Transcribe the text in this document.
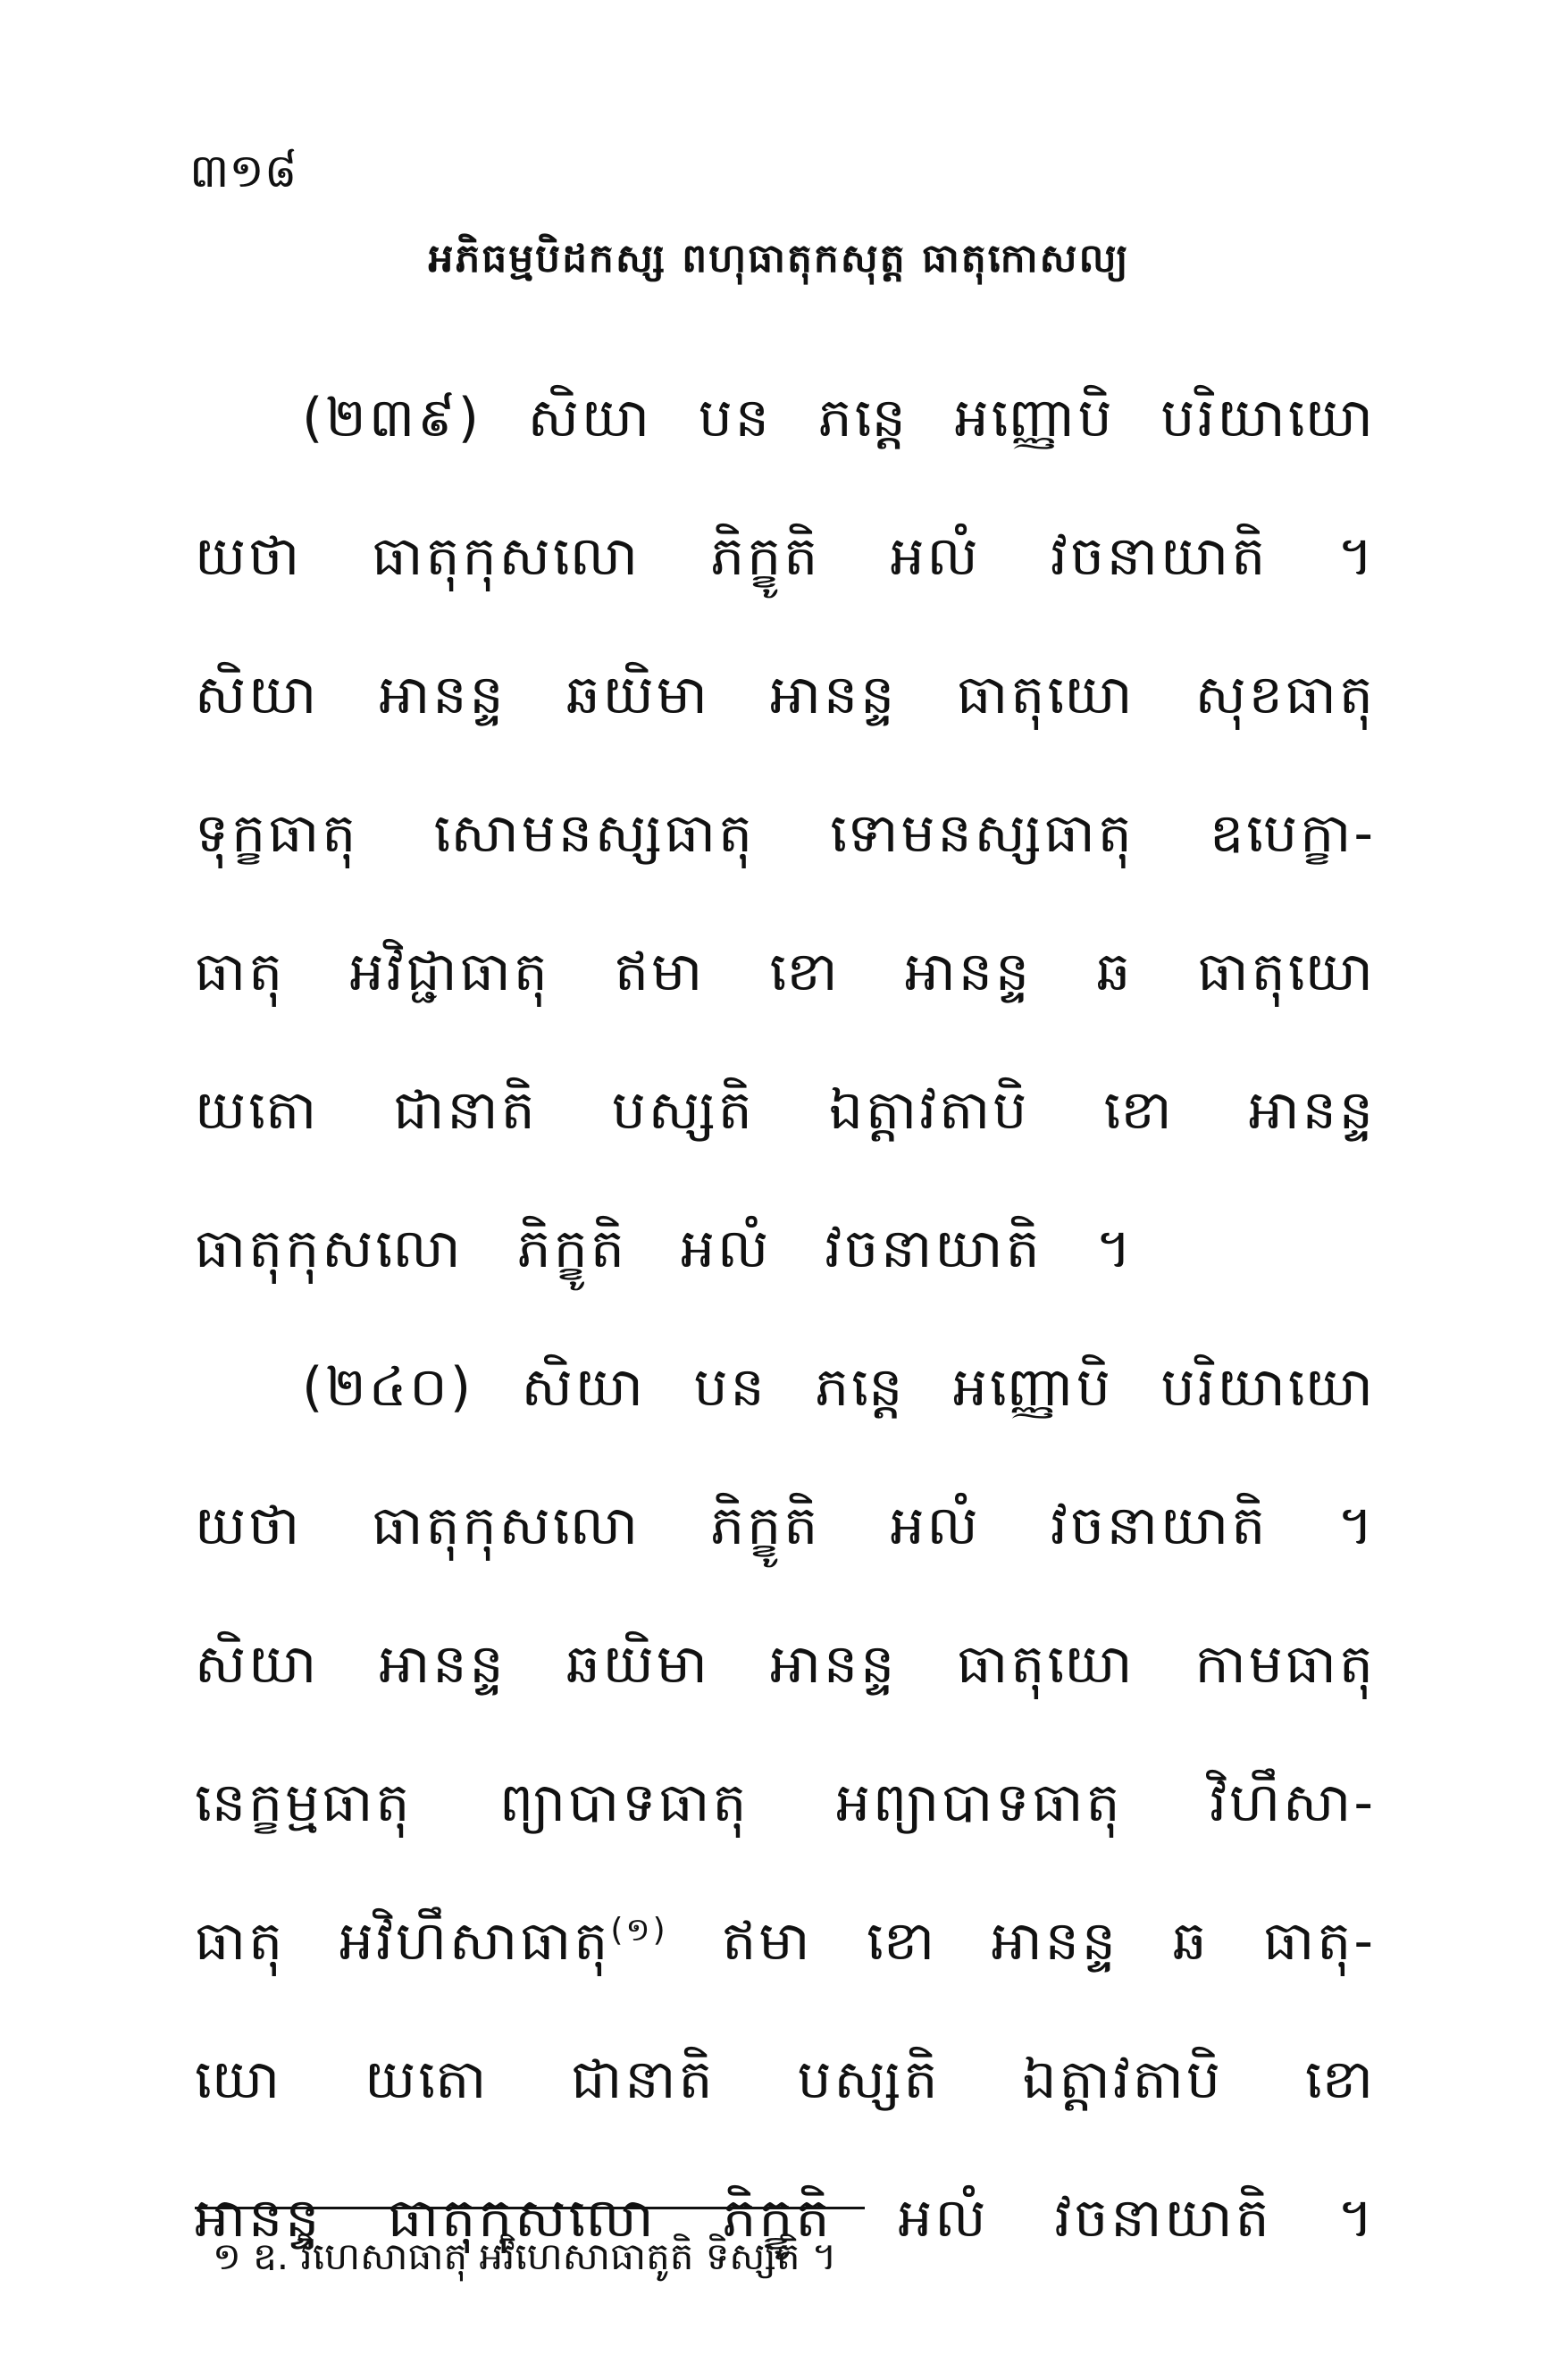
៣១៨
អភិធម្មបិដកស្ស ពហុធាតុកសុត្ត ធាតុកោសល្យ
(២៣៩) សិយា បន ភន្តេ អញ្ញោបិ បរិយាយោ
យថា ធាតុកុសលោ ភិក្ខូតិ អលំ វចនាយាតិ ។
សិយា អានន្ទ ឆយិមា អានន្ទ ធាតុយោ សុខធាតុ
ទុក្ខធាតុ សោមនស្សធាតុ ទោមនស្សធាតុ ឧបេក្ខា-
ធាតុ អវិជ្ជាធាតុ ឥមា ខោ អានន្ទ ឆ ធាតុយោ
យតោ ជានាតិ បស្សតិ ឯត្តាវតាបិ ខោ អានន្ទ
ធាតុកុសលោ ភិក្ខូតិ អលំ វចនាយាតិ ។
(២៤០) សិយា បន ភន្តេ អញ្ញោបិ បរិយាយោ
យថា ធាតុកុសលោ ភិក្ខូតិ អលំ វចនាយាតិ ។
សិយា អានន្ទ ឆយិមា អានន្ទ ធាតុយោ កាមធាតុ
នេក្ខម្មធាតុ ព្យាបាទធាតុ អព្យាបាទធាតុ វិហឹសា-
ធាតុ អវិហឹសាធាតុ$^{(១)}$ ឥមា ខោ អានន្ទ ឆ ធាតុ-
យោ យតោ ជានាតិ បស្សតិ ឯត្តាវតាបិ ខោ
អានន្ទ ធាតុកុសលោ ភិក្ខូតិ អលំ វចនាយាតិ ។
១ ឧ. វិហេសាធាតុ អវិហេសាធាតូតិ ទិស្សតិ ។
